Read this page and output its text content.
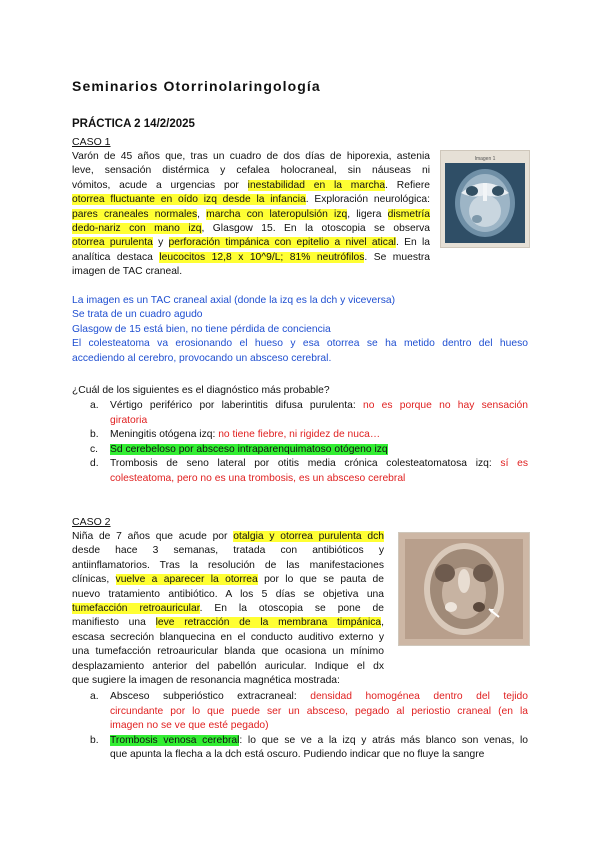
Seminarios Otorrinolaringología
PRÁCTICA 2 14/2/2025
CASO 1
Varón de 45 años que, tras un cuadro de dos días de hiporexia, astenia
leve, sensación distérmica y cefalea holocraneal, sin náuseas ni
vómitos, acude a urgencias por inestabilidad en la marcha. Refiere
otorrea fluctuante en oído izq desde la infancia. Exploración neurológica:
pares craneales normales, marcha con lateropulsión izq, ligera dismetría
dedo-nariz con mano izq, Glasgow 15. En la otoscopia se observa
otorrea purulenta y perforación timpánica con epitelio a nivel atical. En la
analítica destaca leucocitos 12,8 x 10^9/L; 81% neutrófilos. Se muestra
imagen de TAC craneal.
Imagen 1
La imagen es un TAC craneal axial (donde la izq es la dch y viceversa)
Se trata de un cuadro agudo
Glasgow de 15 está bien, no tiene pérdida de conciencia
El colesteatoma va erosionando el hueso y esa otorrea se ha metido dentro del hueso
accediendo al cerebro, provocando un absceso cerebral.
¿Cuál de los siguientes es el diagnóstico más probable?
a. Vértigo periférico por laberintitis difusa purulenta: no es porque no hay sensación
giratoria
b. Meningitis otógena izq: no tiene fiebre, ni rigidez de nuca…
c. Sd cerebeloso por absceso intraparenquimatoso otógeno izq
d. Trombosis de seno lateral por otitis media crónica colesteatomatosa izq: sí es
colesteatoma, pero no es una trombosis, es un absceso cerebral
CASO 2
Niña de 7 años que acude por otalgia y otorrea purulenta dch
desde hace 3 semanas, tratada con antibióticos y
antiinflamatorios. Tras la resolución de las manifestaciones
clínicas, vuelve a aparecer la otorrea por lo que se pauta de
nuevo tratamiento antibiótico. A los 5 días se objetiva una
tumefacción retroauricular. En la otoscopia se pone de
manifiesto una leve retracción de la membrana timpánica,
escasa secreción blanquecina en el conducto auditivo externo y
una tumefacción retroauricular blanda que ocasiona un mínimo
desplazamiento anterior del pabellón auricular. Indique el dx
que sugiere la imagen de resonancia magnética mostrada:
a. Absceso subperióstico extracraneal: densidad homogénea dentro del tejido
circundante por lo que puede ser un absceso, pegado al periostio craneal (en la
imagen no se ve que esté pegado)
b. Trombosis venosa cerebral: lo que se ve a la izq y atrás más blanco son venas, lo
que apunta la flecha a la dch está oscuro. Pudiendo indicar que no fluye la sangre
